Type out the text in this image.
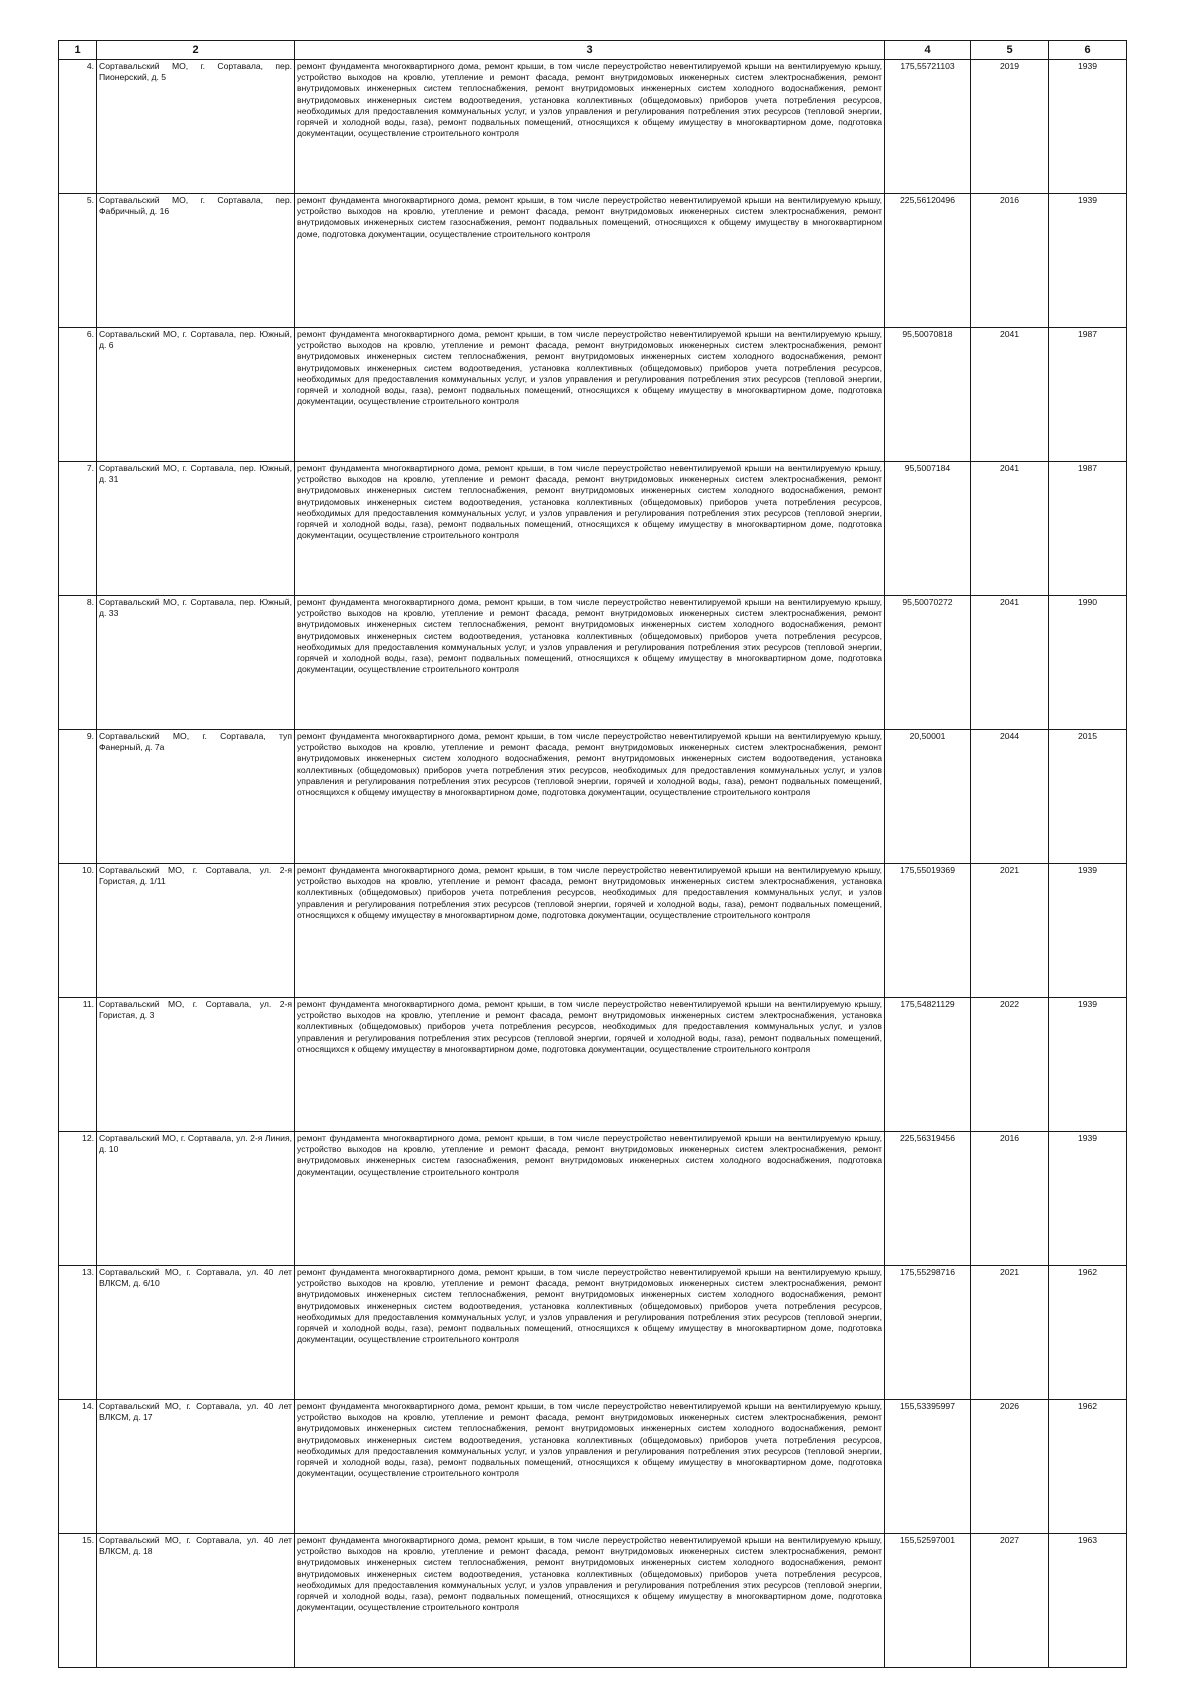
1	2	3	4	5	6
4.	Сортавальский МО, г. Сортавала, пер. Пионерский, д. 5	ремонт фундамента многоквартирного дома, ремонт крыши, в том числе переустройство невентилируемой крыши на вентилируемую крышу, устройство выходов на кровлю, утепление и ремонт фасада, ремонт внутридомовых инженерных систем электроснабжения, ремонт внутридомовых инженерных систем теплоснабжения, ремонт внутридомовых инженерных систем холодного водоснабжения, ремонт внутридомовых инженерных систем водоотведения, установка коллективных (общедомовых) приборов учета потребления ресурсов, необходимых для предоставления коммунальных услуг, и узлов управления и регулирования потребления этих ресурсов (тепловой энергии, горячей и холодной воды, газа), ремонт подвальных помещений, относящихся к общему имуществу в многоквартирном доме, подготовка документации, осуществление строительного контроля	175,55721103	2019	1939
5.	Сортавальский МО, г. Сортавала, пер. Фабричный, д. 16	ремонт фундамента многоквартирного дома, ремонт крыши, в том числе переустройство невентилируемой крыши на вентилируемую крышу, устройство выходов на кровлю, утепление и ремонт фасада, ремонт внутридомовых инженерных систем электроснабжения, ремонт внутридомовых инженерных систем газоснабжения, ремонт подвальных помещений, относящихся к общему имуществу в многоквартирном доме, подготовка документации, осуществление строительного контроля	225,56120496	2016	1939
6.	Сортавальский МО, г. Сортавала, пер. Южный, д. 6	ремонт фундамента многоквартирного дома, ремонт крыши, в том числе переустройство невентилируемой крыши на вентилируемую крышу, устройство выходов на кровлю, утепление и ремонт фасада, ремонт внутридомовых инженерных систем электроснабжения, ремонт внутридомовых инженерных систем теплоснабжения, ремонт внутридомовых инженерных систем холодного водоснабжения, ремонт внутридомовых инженерных систем водоотведения, установка коллективных (общедомовых) приборов учета потребления ресурсов, необходимых для предоставления коммунальных услуг, и узлов управления и регулирования потребления этих ресурсов (тепловой энергии, горячей и холодной воды, газа), ремонт подвальных помещений, относящихся к общему имуществу в многоквартирном доме, подготовка документации, осуществление строительного контроля	95,50070818	2041	1987
7.	Сортавальский МО, г. Сортавала, пер. Южный, д. 31	ремонт фундамента многоквартирного дома, ремонт крыши, в том числе переустройство невентилируемой крыши на вентилируемую крышу, устройство выходов на кровлю, утепление и ремонт фасада, ремонт внутридомовых инженерных систем электроснабжения, ремонт внутридомовых инженерных систем теплоснабжения, ремонт внутридомовых инженерных систем холодного водоснабжения, ремонт внутридомовых инженерных систем водоотведения, установка коллективных (общедомовых) приборов учета потребления ресурсов, необходимых для предоставления коммунальных услуг, и узлов управления и регулирования потребления этих ресурсов (тепловой энергии, горячей и холодной воды, газа), ремонт подвальных помещений, относящихся к общему имуществу в многоквартирном доме, подготовка документации, осуществление строительного контроля	95,5007184	2041	1987
8.	Сортавальский МО, г. Сортавала, пер. Южный, д. 33	ремонт фундамента многоквартирного дома, ремонт крыши, в том числе переустройство невентилируемой крыши на вентилируемую крышу, устройство выходов на кровлю, утепление и ремонт фасада, ремонт внутридомовых инженерных систем электроснабжения, ремонт внутридомовых инженерных систем теплоснабжения, ремонт внутридомовых инженерных систем холодного водоснабжения, ремонт внутридомовых инженерных систем водоотведения, установка коллективных (общедомовых) приборов учета потребления ресурсов, необходимых для предоставления коммунальных услуг, и узлов управления и регулирования потребления этих ресурсов (тепловой энергии, горячей и холодной воды, газа), ремонт подвальных помещений, относящихся к общему имуществу в многоквартирном доме, подготовка документации, осуществление строительного контроля	95,50070272	2041	1990
9.	Сортавальский МО, г. Сортавала, туп Фанерный, д. 7а	ремонт фундамента многоквартирного дома, ремонт крыши, в том числе переустройство невентилируемой крыши на вентилируемую крышу, устройство выходов на кровлю, утепление и ремонт фасада, ремонт внутридомовых инженерных систем электроснабжения, ремонт внутридомовых инженерных систем холодного водоснабжения, ремонт внутридомовых инженерных систем водоотведения, установка коллективных (общедомовых) приборов учета потребления этих ресурсов, необходимых для предоставления коммунальных услуг, и узлов управления и регулирования потребления этих ресурсов (тепловой энергии, горячей и холодной воды, газа), ремонт подвальных помещений, относящихся к общему имуществу в многоквартирном доме, подготовка документации, осуществление строительного контроля	20,50001	2044	2015
10.	Сортавальский МО, г. Сортавала, ул. 2-я Гористая, д. 1/11	ремонт фундамента многоквартирного дома, ремонт крыши, в том числе переустройство невентилируемой крыши на вентилируемую крышу, устройство выходов на кровлю, утепление и ремонт фасада, ремонт внутридомовых инженерных систем электроснабжения, установка коллективных (общедомовых) приборов учета потребления ресурсов, необходимых для предоставления коммунальных услуг, и узлов управления и регулирования потребления этих ресурсов (тепловой энергии, горячей и холодной воды, газа), ремонт подвальных помещений, относящихся к общему имуществу в многоквартирном доме, подготовка документации, осуществление строительного контроля	175,55019369	2021	1939
11.	Сортавальский МО, г. Сортавала, ул. 2-я Гористая, д. 3	ремонт фундамента многоквартирного дома, ремонт крыши, в том числе переустройство невентилируемой крыши на вентилируемую крышу, устройство выходов на кровлю, утепление и ремонт фасада, ремонт внутридомовых инженерных систем электроснабжения, установка коллективных (общедомовых) приборов учета потребления ресурсов, необходимых для предоставления коммунальных услуг, и узлов управления и регулирования потребления этих ресурсов (тепловой энергии, горячей и холодной воды, газа), ремонт подвальных помещений, относящихся к общему имуществу в многоквартирном доме, подготовка документации, осуществление строительного контроля	175,54821129	2022	1939
12.	Сортавальский МО, г. Сортавала, ул. 2-я Линия, д. 10	ремонт фундамента многоквартирного дома, ремонт крыши, в том числе переустройство невентилируемой крыши на вентилируемую крышу, устройство выходов на кровлю, утепление и ремонт фасада, ремонт внутридомовых инженерных систем электроснабжения, ремонт внутридомовых инженерных систем газоснабжения, ремонт внутридомовых инженерных систем холодного водоснабжения, подготовка документации, осуществление строительного контроля	225,56319456	2016	1939
13.	Сортавальский МО, г. Сортавала, ул. 40 лет ВЛКСМ, д. 6/10	ремонт фундамента многоквартирного дома, ремонт крыши, в том числе переустройство невентилируемой крыши на вентилируемую крышу, устройство выходов на кровлю, утепление и ремонт фасада, ремонт внутридомовых инженерных систем электроснабжения, ремонт внутридомовых инженерных систем теплоснабжения, ремонт внутридомовых инженерных систем холодного водоснабжения, ремонт внутридомовых инженерных систем водоотведения, установка коллективных (общедомовых) приборов учета потребления ресурсов, необходимых для предоставления коммунальных услуг, и узлов управления и регулирования потребления этих ресурсов (тепловой энергии, горячей и холодной воды, газа), ремонт подвальных помещений, относящихся к общему имуществу в многоквартирном доме, подготовка документации, осуществление строительного контроля	175,55298716	2021	1962
14.	Сортавальский МО, г. Сортавала, ул. 40 лет ВЛКСМ, д. 17	ремонт фундамента многоквартирного дома, ремонт крыши, в том числе переустройство невентилируемой крыши на вентилируемую крышу, устройство выходов на кровлю, утепление и ремонт фасада, ремонт внутридомовых инженерных систем электроснабжения, ремонт внутридомовых инженерных систем теплоснабжения, ремонт внутридомовых инженерных систем холодного водоснабжения, ремонт внутридомовых инженерных систем водоотведения, установка коллективных (общедомовых) приборов учета потребления ресурсов, необходимых для предоставления коммунальных услуг, и узлов управления и регулирования потребления этих ресурсов (тепловой энергии, горячей и холодной воды, газа), ремонт подвальных помещений, относящихся к общему имуществу в многоквартирном доме, подготовка документации, осуществление строительного контроля	155,53395997	2026	1962
15.	Сортавальский МО, г. Сортавала, ул. 40 лет ВЛКСМ, д. 18	ремонт фундамента многоквартирного дома, ремонт крыши, в том числе переустройство невентилируемой крыши на вентилируемую крышу, устройство выходов на кровлю, утепление и ремонт фасада, ремонт внутридомовых инженерных систем электроснабжения, ремонт внутридомовых инженерных систем теплоснабжения, ремонт внутридомовых инженерных систем холодного водоснабжения, ремонт внутридомовых инженерных систем водоотведения, установка коллективных (общедомовых) приборов учета потребления ресурсов, необходимых для предоставления коммунальных услуг, и узлов управления и регулирования потребления этих ресурсов (тепловой энергии, горячей и холодной воды, газа), ремонт подвальных помещений, относящихся к общему имуществу в многоквартирном доме, подготовка документации, осуществление строительного контроля	155,52597001	2027	1963
